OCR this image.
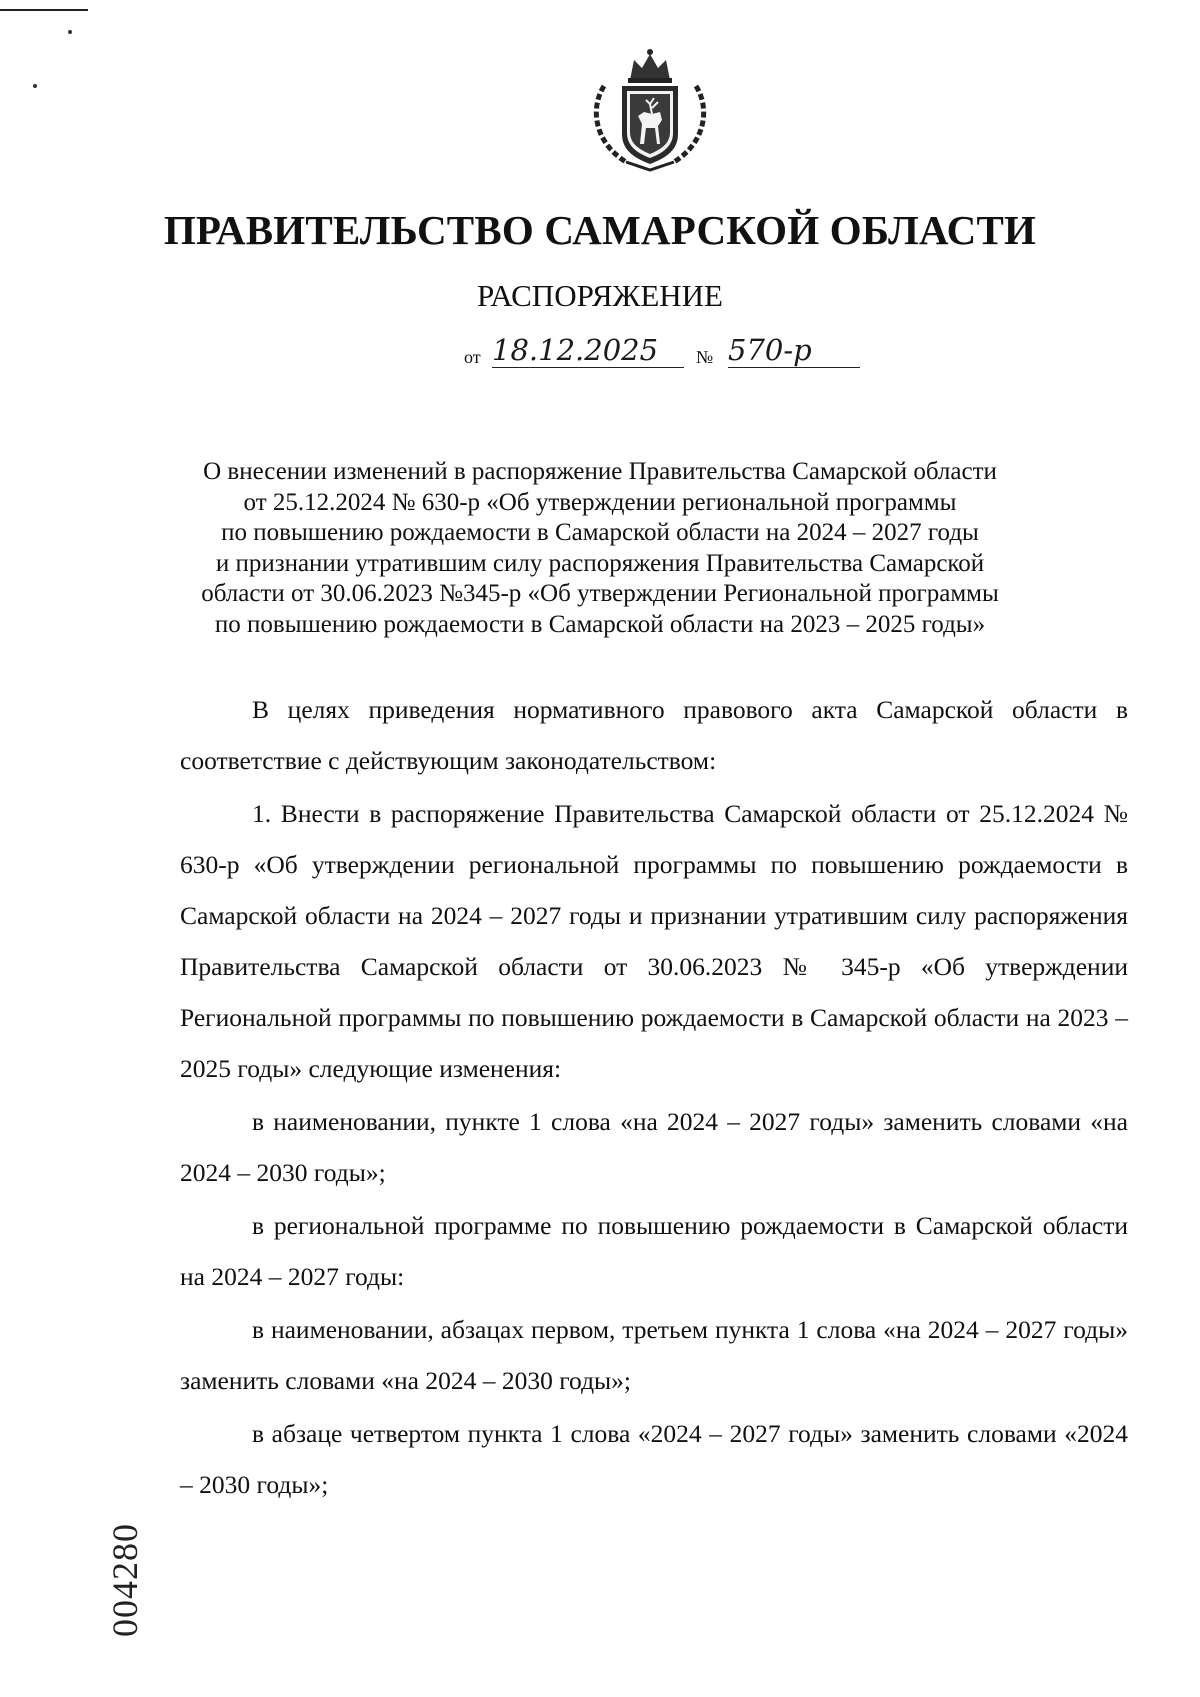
ПРАВИТЕЛЬСТВО САМАРСКОЙ ОБЛАСТИ
РАСПОРЯЖЕНИЕ
от 18.12.2025	№ 570-р
О внесении изменений в распоряжение Правительства Самарской области
от 25.12.2024 № 630-р «Об утверждении региональной программы
по повышению рождаемости в Самарской области на 2024 – 2027 годы
и признании утратившим силу распоряжения Правительства Самарской
области от 30.06.2023 №345-р «Об утверждении Региональной программы
по повышению рождаемости в Самарской области на 2023 – 2025 годы»

В целях приведения нормативного правового акта Самарской области в соответствие с действующим законодательством:

1. Внести в распоряжение Правительства Самарской области от 25.12.2024 № 630-р «Об утверждении региональной программы по повышению рождаемости в Самарской области на 2024 – 2027 годы и признании утратившим силу распоряжения Правительства Самарской области от 30.06.2023 № 345-р «Об утверждении Региональной программы по повышению рождаемости в Самарской области на 2023 – 2025 годы» следующие изменения:

в наименовании, пункте 1 слова «на 2024 – 2027 годы» заменить словами «на 2024 – 2030 годы»;

в региональной программе по повышению рождаемости в Самарской области на 2024 – 2027 годы:

в наименовании, абзацах первом, третьем пункта 1 слова «на 2024 – 2027 годы» заменить словами «на 2024 – 2030 годы»;

в абзаце четвертом пункта 1 слова «2024 – 2027 годы» заменить словами «2024 – 2030 годы»;

004280
